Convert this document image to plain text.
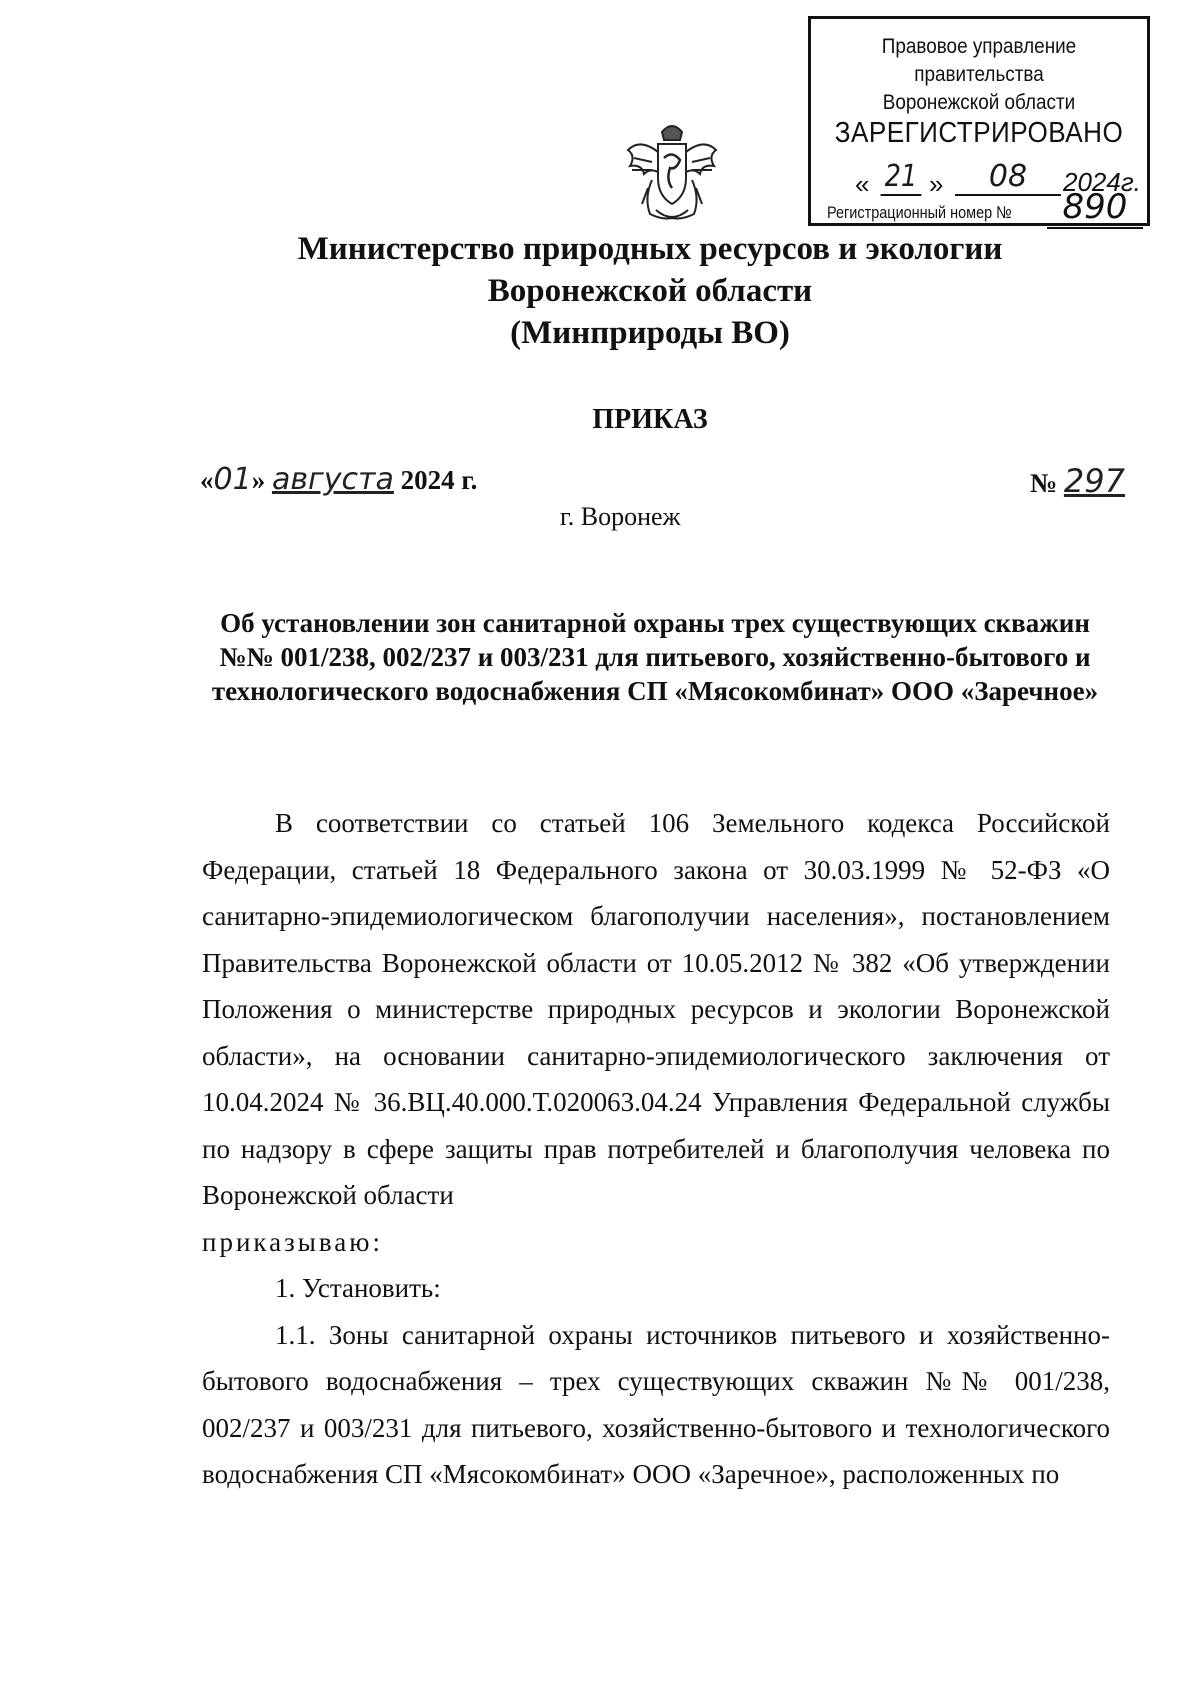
Правовое управление правительства
Воронежской области
ЗАРЕГИСТРИРОВАНО
« 21 »	08	2024г.
Регистрационный номер №	890
Министерство природных ресурсов и экологии
Воронежской области
(Минприроды ВО)
ПРИКАЗ
«01» августа 2024 г.	№ 297
г. Воронеж
Об установлении зон санитарной охраны трех существующих скважин
№№ 001/238, 002/237 и 003/231 для питьевого, хозяйственно-бытового и
технологического водоснабжения СП «Мясокомбинат» ООО «Заречное»

В соответствии со статьей 106 Земельного кодекса Российской Федерации, статьей 18 Федерального закона от 30.03.1999 № 52-ФЗ «О санитарно-эпидемиологическом благополучии населения», постановлением Правительства Воронежской области от 10.05.2012 № 382 «Об утверждении Положения о министерстве природных ресурсов и экологии Воронежской области», на основании санитарно-эпидемиологического заключения от 10.04.2024 № 36.ВЦ.40.000.Т.020063.04.24 Управления Федеральной службы по надзору в сфере защиты прав потребителей и благополучия человека по Воронежской области

приказываю:

1. Установить:

1.1. Зоны санитарной охраны источников питьевого и хозяйственно-бытового водоснабжения – трех существующих скважин №№ 001/238, 002/237 и 003/231 для питьевого, хозяйственно-бытового и технологического водоснабжения СП «Мясокомбинат» ООО «Заречное», расположенных по
